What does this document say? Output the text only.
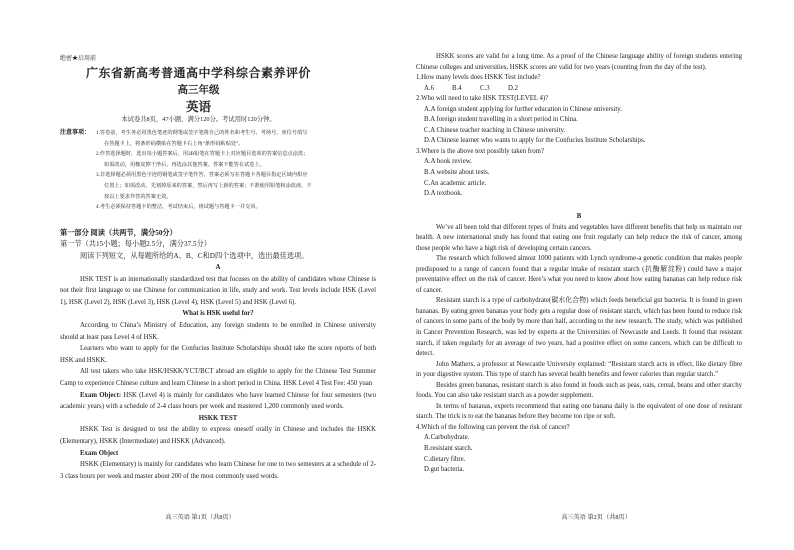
绝密★启用前
广东省新高考普通高中学科综合素养评价
高三年级
英语
本试卷共8页，47小题，满分120分。考试用时120分钟。
注意事项： 1.答卷前，考生务必用黑色笔迹的钢笔或签字笔将自己的姓名和考生号、考场号、座位号填写
在答题卡上，将条形码横贴在答题卡右上角“条形码粘贴处”。
2.作答选择题时，选出每小题答案后，用2B铅笔在答题卡上对应题目选项的答案信息点涂黑；
如需改动，用橡皮擦干净后，再选涂其他答案。答案不能答在试卷上。
3.非选择题必须用黑色字迹的钢笔或签字笔作答，答案必须写在答题卡各题目指定区域内相应
位置上；如需改动，先划掉原来的答案，然后再写上新的答案；不准使用铅笔和涂改液。不
按以上要求作答的答案无效。
4.考生必须保持答题卡的整洁，考试结束后，将试题与答题卡一并交回。
第一部分 阅读（共两节，满分50分）
第一节（共15小题；每小题2.5分，满分37.5分）
阅读下列短文，从每题所给的A、B、C和D四个选项中，选出最佳选项。

A

HSK TEST is an internationally standardized test that focuses on the ability of candidates whose Chinese is not their first language to use Chinese for communication in life, study and work. Test levels include HSK (Level 1), HSK (Level 2), HSK (Level 3), HSK (Level 4), HSK (Level 5) and HSK (Level 6).

What is HSK useful for?

According to China’s Ministry of Education, any foreign students to be enrolled in Chinese university should at least pass Level 4 of HSK.

Learners who want to apply for the Confucius Institute Scholarships should take the score reports of both HSK and HSKK.

All test takers who take HSK/HSKK/YCT/BCT abroad are eligible to apply for the Chinese Test Summer Camp to experience Chinese culture and learn Chinese in a short period in China. HSK Level 4 Test Fee: 450 yuan

Exam Object: HSK (Level 4) is mainly for candidates who have learned Chinese for four semesters (two academic years) with a schedule of 2-4 class hours per week and mastered 1,200 commonly used words.

HSKK TEST

HSKK Test is designed to test the ability to express oneself orally in Chinese and includes the HSKK (Elementary), HSKK (Intermediate) and HSKK (Advanced).

Exam Object

HSKK (Elementary) is mainly for candidates who learn Chinese for one to two semesters at a schedule of 2-3 class hours per week and master about 200 of the most commonly used words.

高三英语 第1页（共8页）

HSKK scores are valid for a long time. As a proof of the Chinese language ability of foreign students entering Chinese colleges and universities, HSKK scores are valid for two years (counting from the day of the test).

1.How many levels does HSKK Test include?

A.6	B.4	C.3	D.2

2.Who will need to take HSK TEST(LEVEL 4)?

A.A foreign student applying for further education in Chinese university.

B.A foreign student travelling in a short period in China.

C.A Chinese teacher teaching in Chinese university.

D.A Chinese learner who wants to apply for the Confucius Institute Scholarships.

3.Where is the above text possibly taken from?

A.A book review.

B.A website about tests.

C.An academic article.

D.A textbook.

B

We’ve all been told that different types of fruits and vegetables have different benefits that help us maintain our health. A new international study has found that eating one fruit regularly can help reduce the risk of cancer, among those people who have a high risk of developing certain cancers.

The research which followed almost 1000 patients with Lynch syndrome-a genetic condition that makes people predisposed to a range of cancers found that a regular intake of resistant starch (抗酶解淀粉) could have a major preventative effect on the risk of cancer. Here’s what you need to know about how eating bananas can help reduce risk of cancer.

Resistant starch is a type of carbohydrate(碳水化合物) which feeds beneficial gut bacteria. It is found in green bananas. By eating green bananas your body gets a regular dose of resistant starch, which has been found to reduce risk of cancers in some parts of the body by more than half, according to the new research. The study, which was published in Cancer Prevention Research, was led by experts at the Universities of Newcastle and Leeds. It found that resistant starch, if taken regularly for an average of two years, had a positive effect on some cancers, which can be difficult to detect.

John Mathers, a professor at Newcastle University explained: “Resistant starch acts in effect, like dietary fibre in your digestive system. This type of starch has several health benefits and fewer calories than regular starch.”

Besides green bananas, resistant starch is also found in foods such as peas, oats, cereal, beans and other starchy foods. You can also take resistant starch as a powder supplement.

In terms of bananas, experts recommend that eating one banana daily is the equivalent of one dose of resistant starch. The trick is to eat the bananas before they become too ripe or soft.

4.Which of the following can prevent the risk of cancer?

A.Carbohydrate.

B.resistant starch.

C.dietary fibre.

D.gut bacteria.

高三英语 第2页（共8页）
